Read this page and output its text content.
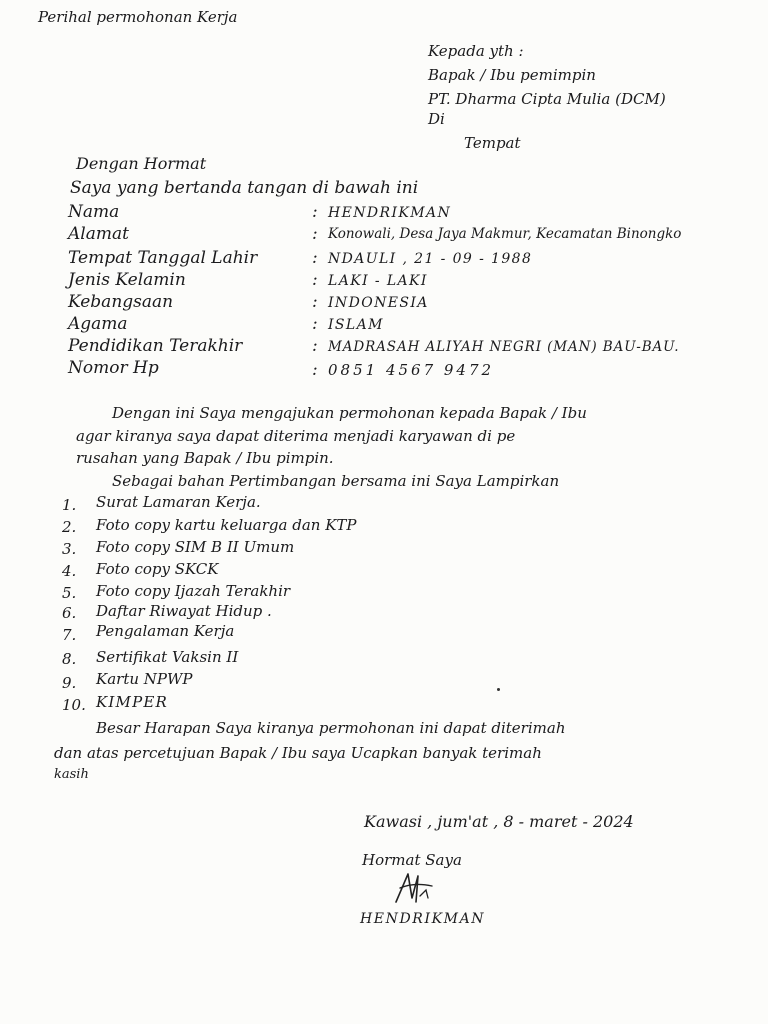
Perihal permohonan Kerja
Kepada yth :
Bapak / Ibu pemimpin
PT. Dharma Cipta Mulia (DCM)
Di
Tempat
Dengan Hormat
Saya yang bertanda tangan di bawah ini
Nama	: HENDRIKMAN
Alamat	: Konowali, Desa Jaya Makmur, Kecamatan Binongko
Tempat Tanggal Lahir	: NDAULI , 21 - 09 - 1988
Jenis Kelamin	: LAKI - LAKI
Kebangsaan	: INDONESIA
Agama	: ISLAM
Pendidikan Terakhir	: MADRASAH ALIYAH NEGRI (MAN) BAU-BAU.
Nomor Hp	: 0851 4567 9472
Dengan ini Saya mengajukan permohonan kepada Bapak / Ibu
agar kiranya saya dapat diterima menjadi karyawan di pe
rusahan yang Bapak / Ibu pimpin.
Sebagai bahan Pertimbangan bersama ini Saya Lampirkan
1. Surat Lamaran Kerja.
2. Foto copy kartu keluarga dan KTP
3. Foto copy SIM B II Umum
4. Foto copy SKCK
5. Foto copy Ijazah Terakhir
6. Daftar Riwayat Hidup .
7. Pengalaman Kerja
8. Sertifikat Vaksin II
9. Kartu NPWP
10. KIMPER
Besar Harapan Saya kiranya permohonan ini dapat diterimah
dan atas percetujuan Bapak / Ibu saya Ucapkan banyak terimah
kasih
Kawasi , jum'at , 8 - maret - 2024
Hormat Saya
HENDRIKMAN
